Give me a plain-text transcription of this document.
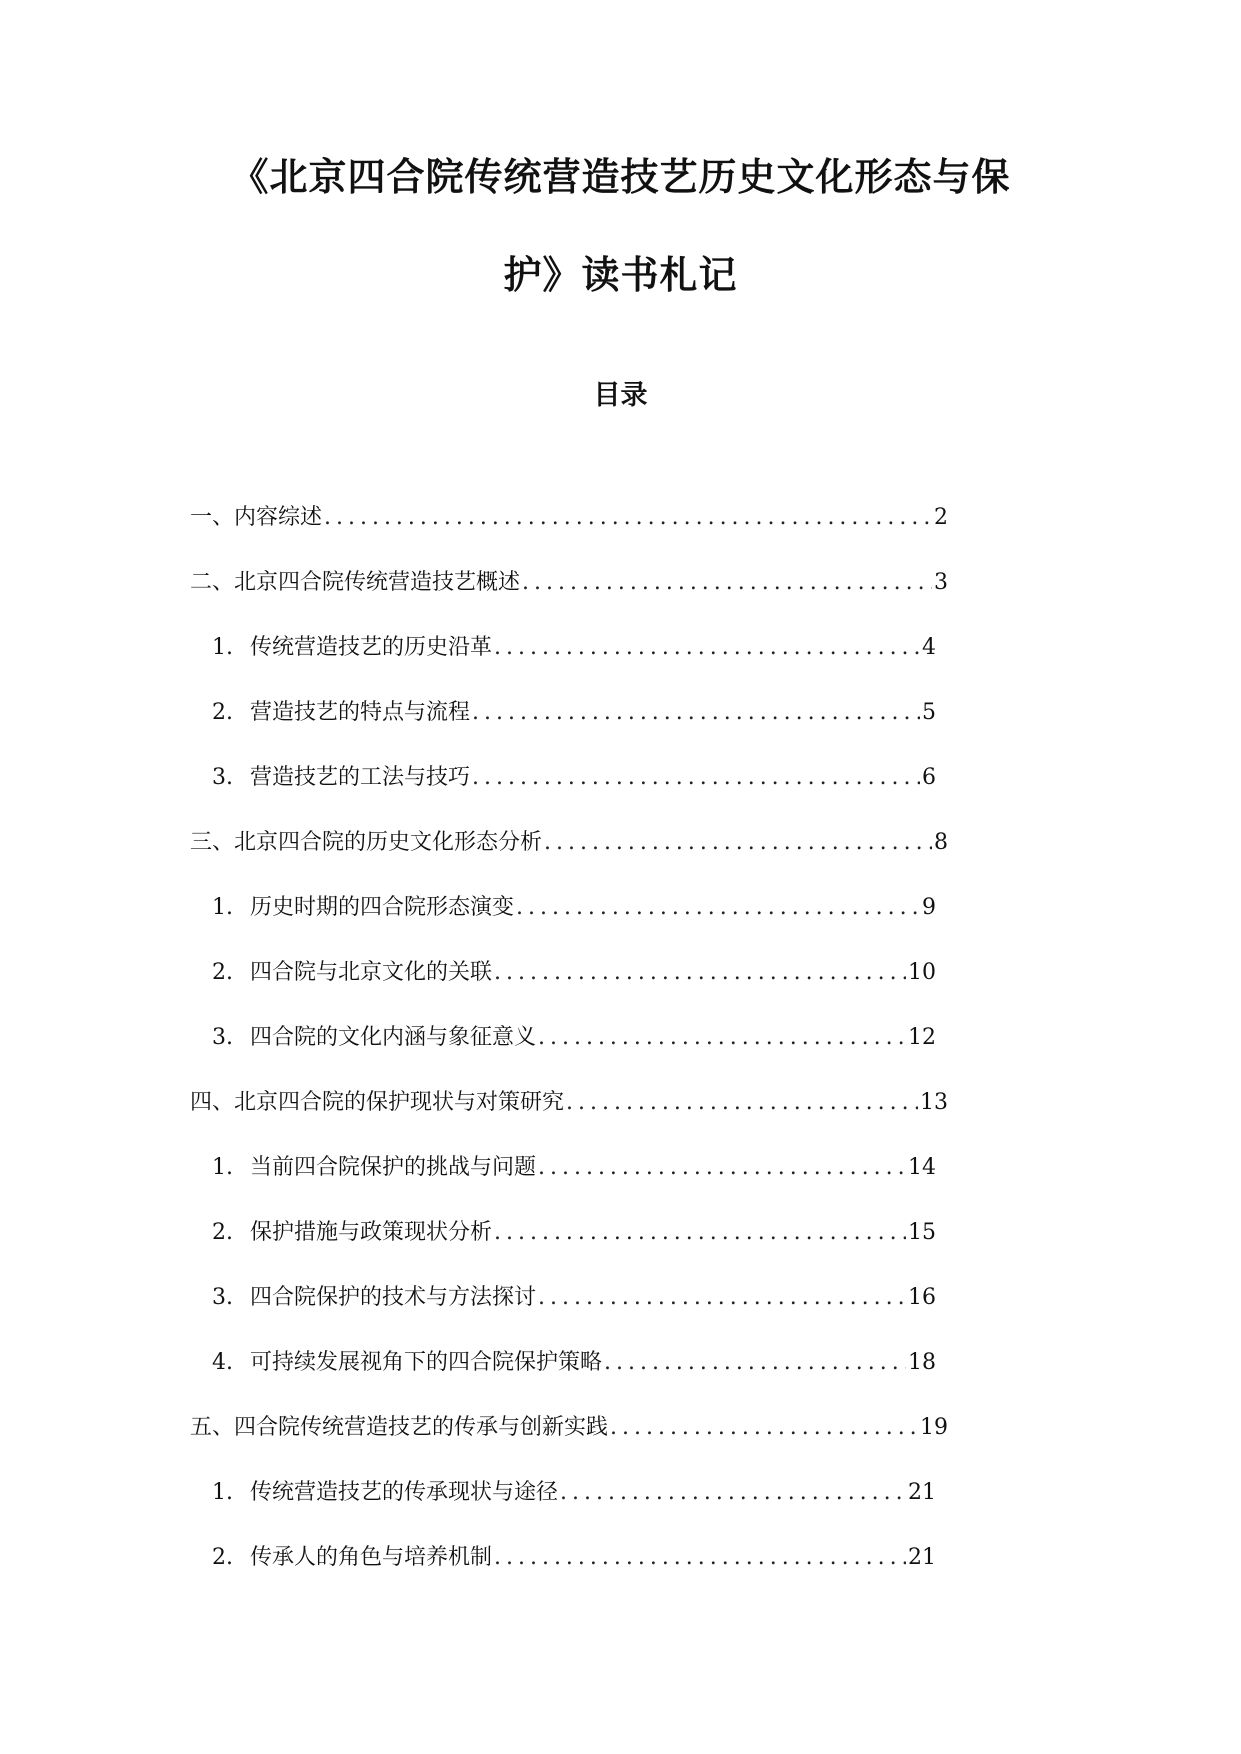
《北京四合院传统营造技艺历史文化形态与保
护》读书札记
目录
一、内容综述 . . .	2
二、北京四合院传统营造技艺概述 . . .	3
1. 传统营造技艺的历史沿革 . . .	4
2. 营造技艺的特点与流程 . . .	5
3. 营造技艺的工法与技巧 . . .	6
三、北京四合院的历史文化形态分析 . . .	8
1. 历史时期的四合院形态演变 . . .	9
2. 四合院与北京文化的关联 . . .	10
3. 四合院的文化内涵与象征意义 . . .	12
四、北京四合院的保护现状与对策研究 . . .	13
1. 当前四合院保护的挑战与问题 . . .	14
2. 保护措施与政策现状分析 . . .	15
3. 四合院保护的技术与方法探讨 . . .	16
4. 可持续发展视角下的四合院保护策略 . . .	18
五、四合院传统营造技艺的传承与创新实践 . . .	19
1. 传统营造技艺的传承现状与途径 . . .	21
2. 传承人的角色与培养机制 . . .	21
